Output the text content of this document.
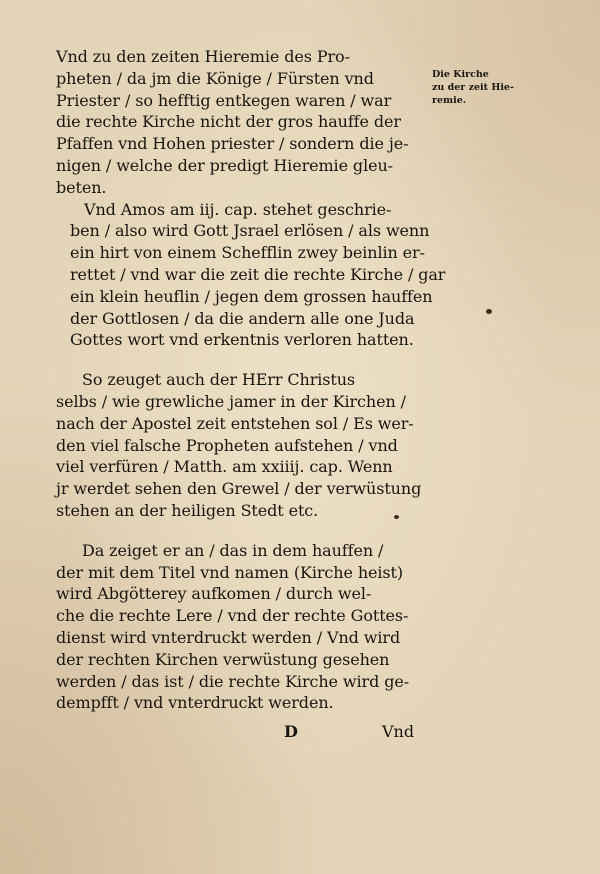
Vnd zu den zeiten Hieremie des Pro-
pheten / da jm die Könige / Fürsten vnd
Priester / so hefftig entkegen waren / war
die rechte Kirche nicht der gros hauffe der
Pfaffen vnd Hohen priester / sondern die je-
nigen / welche der predigt Hieremie gleu-
beten.
Vnd Amos am iij. cap. stehet geschrie-
ben / also wird Gott Jsrael erlösen / als wenn
ein hirt von einem Schefflin zwey beinlin er-
rettet / vnd war die zeit die rechte Kirche / gar
ein klein heuflin / jegen dem grossen hauffen
der Gottlosen / da die andern alle one Juda
Gottes wort vnd erkentnis verloren hatten.
So zeuget auch der HErr Christus
selbs / wie grewliche jamer in der Kirchen /
nach der Apostel zeit entstehen sol / Es wer-
den viel falsche Propheten aufstehen / vnd
viel verfüren / Matth. am xxiiij. cap. Wenn
jr werdet sehen den Grewel / der verwüstung
stehen an der heiligen Stedt etc.
Da zeiget er an / das in dem hauffen /
der mit dem Titel vnd namen (Kirche heist)
wird Abgötterey aufkomen / durch wel-
che die rechte Lere / vnd der rechte Gottes-
dienst wird vnterdruckt werden / Vnd wird
der rechten Kirchen verwüstung gesehen
werden / das ist / die rechte Kirche wird ge-
dempfft / vnd vnterdruckt werden.
Die Kirche
zu der zeit Hie-
remie.
D	Vnd
